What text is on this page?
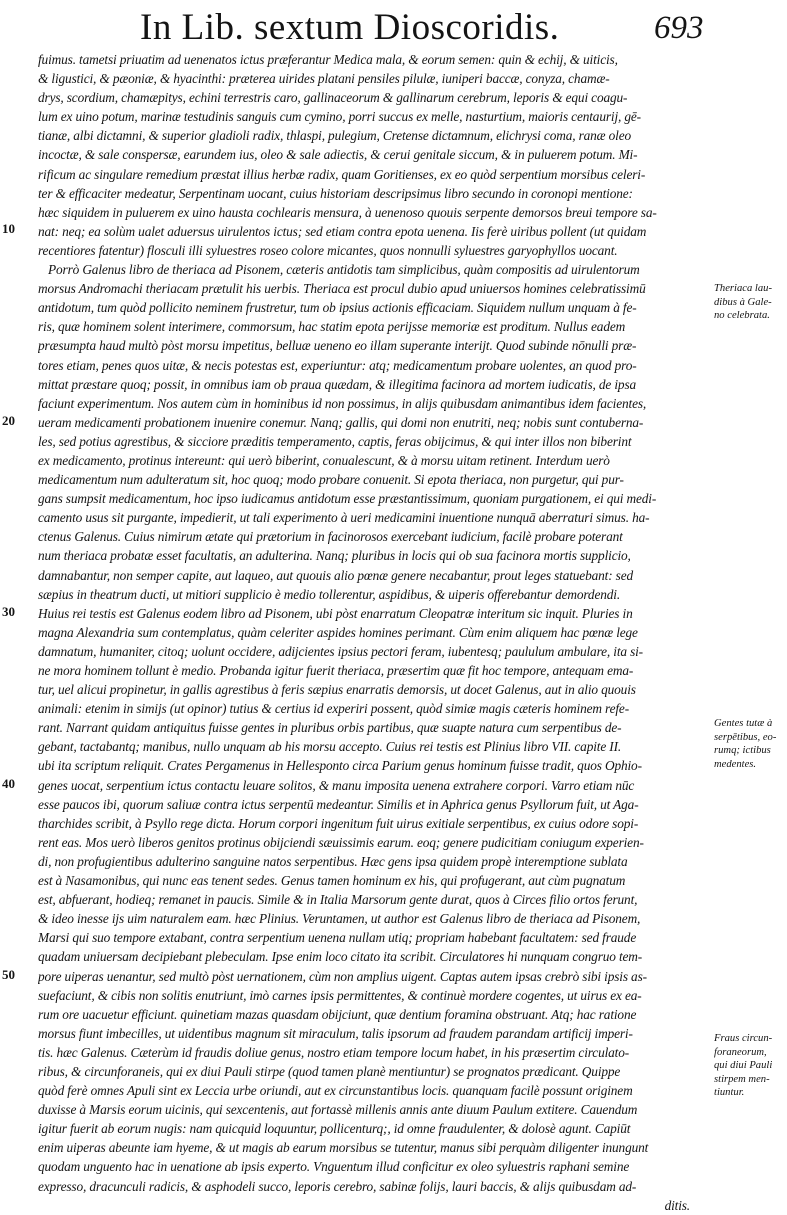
In Lib. sextum Dioscoridis.	693
10
20
30
40
50
fuimus. tametsi priuatim ad uenenatos ictus præferantur Medica mala, & eorum semen: quin & echij, & uiticis,
& ligustici, & pæoniæ, & hyacinthi: præterea uirides platani pensiles pilulæ, iuniperi baccæ, conyza, chamæ-
drys, scordium, chamæpitys, echini terrestris caro, gallinaceorum & gallinarum cerebrum, leporis & equi coagu-
lum ex uino potum, marinæ testudinis sanguis cum cymino, porri succus ex melle, nasturtium, maioris centaurij, gē-
tianæ, albi dictamni, & superior gladioli radix, thlaspi, pulegium, Cretense dictamnum, elichrysi coma, ranæ oleo
incoctæ, & sale conspersæ, earundem ius, oleo & sale adiectis, & cerui genitale siccum, & in puluerem potum. Mi-
rificum ac singulare remedium præstat illius herbæ radix, quam Goritienses, ex eo quòd serpentium morsibus celeri-
ter & efficaciter medeatur, Serpentinam uocant, cuius historiam descripsimus libro secundo in coronopi mentione:
hæc siquidem in puluerem ex uino hausta cochlearis mensura, à uenenoso quouis serpente demorsos breui tempore sa-
nat: neq; ea solùm ualet aduersus uirulentos ictus; sed etiam contra epota uenena. Iis ferè uiribus pollent (ut quidam
recentiores fatentur) flosculi illi syluestres roseo colore micantes, quos nonnulli syluestres garyophyllos uocant.
Porrò Galenus libro de theriaca ad Pisonem, cæteris antidotis tam simplicibus, quàm compositis ad uirulentorum
morsus Andromachi theriacam prætulit his uerbis. Theriaca est procul dubio apud uniuersos homines celebratissimū
antidotum, tum quòd pollicito neminem frustretur, tum ob ipsius actionis efficaciam. Siquidem nullum unquam à fe-
ris, quæ hominem solent interimere, commorsum, hac statim epota perijsse memoriæ est proditum. Nullus eadem
præsumpta haud multò pòst morsu impetitus, belluæ ueneno eo illam superante interijt. Quod subinde nōnulli præ-
tores etiam, penes quos uitæ, & necis potestas est, experiuntur: atq; medicamentum probare uolentes, an quod pro-
mittat præstare quoq; possit, in omnibus iam ob praua quædam, & illegitima facinora ad mortem iudicatis, de ipsa
faciunt experimentum. Nos autem cùm in hominibus id non possimus, in alijs quibusdam animantibus idem facientes,
ueram medicamenti probationem inuenire conemur. Nanq; gallis, qui domi non enutriti, neq; nobis sunt contuberna-
les, sed potius agrestibus, & sicciore præditis temperamento, captis, feras obijcimus, & qui inter illos non biberint
ex medicamento, protinus intereunt: qui uerò biberint, conualescunt, & à morsu uitam retinent. Interdum uerò
medicamentum num adulteratum sit, hoc quoq; modo probare conuenit. Si epota theriaca, non purgetur, qui pur-
gans sumpsit medicamentum, hoc ipso iudicamus antidotum esse præstantissimum, quoniam purgationem, ei qui medi-
camento usus sit purgante, impedierit, ut tali experimento à ueri medicamini inuentione nunquā aberraturi simus. ha-
ctenus Galenus. Cuius nimirum ætate qui prætorium in facinorosos exercebant iudicium, facilè probare poterant
num theriaca probatæ esset facultatis, an adulterina. Nanq; pluribus in locis qui ob sua facinora mortis supplicio,
damnabantur, non semper capite, aut laqueo, aut quouis alio pœnæ genere necabantur, prout leges statuebant: sed
sæpius in theatrum ducti, ut mitiori supplicio è medio tollerentur, aspidibus, & uiperis offerebantur demordendi.
Huius rei testis est Galenus eodem libro ad Pisonem, ubi pòst enarratum Cleopatræ interitum sic inquit. Pluries in
magna Alexandria sum contemplatus, quàm celeriter aspides homines perimant. Cùm enim aliquem hac pœnæ lege
damnatum, humaniter, citoq; uolunt occidere, adijcientes ipsius pectori feram, iubentesq; paululum ambulare, ita si-
ne mora hominem tollunt è medio. Probanda igitur fuerit theriaca, præsertim quæ fit hoc tempore, antequam ema-
tur, uel alicui propinetur, in gallis agrestibus à feris sæpius enarratis demorsis, ut docet Galenus, aut in alio quouis
animali: etenim in simijs (ut opinor) tutius & certius id experiri possent, quòd simiæ magis cæteris hominem refe-
rant. Narrant quidam antiquitus fuisse gentes in pluribus orbis partibus, quæ suapte natura cum serpentibus de-
gebant, tactabantq; manibus, nullo unquam ab his morsu accepto. Cuius rei testis est Plinius libro VII. capite II.
ubi ita scriptum reliquit. Crates Pergamenus in Hellesponto circa Parium genus hominum fuisse tradit, quos Ophio-
genes uocat, serpentium ictus contactu leuare solitos, & manu imposita uenena extrahere corpori. Varro etiam nūc
esse paucos ibi, quorum saliuæ contra ictus serpentū medeantur. Similis et in Aphrica genus Psyllorum fuit, ut Aga-
tharchides scribit, à Psyllo rege dicta. Horum corpori ingenitum fuit uirus exitiale serpentibus, ex cuius odore sopi-
rent eas. Mos uerò liberos genitos protinus obijciendi sæuissimis earum. eoq; genere pudicitiam coniugum experien-
di, non profugientibus adulterino sanguine natos serpentibus. Hæc gens ipsa quidem propè interemptione sublata
est à Nasamonibus, qui nunc eas tenent sedes. Genus tamen hominum ex his, qui profugerant, aut cùm pugnatum
est, abfuerant, hodieq; remanet in paucis. Simile & in Italia Marsorum gente durat, quos à Circes filio ortos ferunt,
& ideo inesse ijs uim naturalem eam. hæc Plinius. Veruntamen, ut author est Galenus libro de theriaca ad Pisonem,
Marsi qui suo tempore extabant, contra serpentium uenena nullam utiq; propriam habebant facultatem: sed fraude
quadam uniuersam decipiebant plebeculam. Ipse enim loco citato ita scribit. Circulatores hi nunquam congruo tem-
pore uiperas uenantur, sed multò pòst uernationem, cùm non amplius uigent. Captas autem ipsas crebrò sibi ipsis as-
suefaciunt, & cibis non solitis enutriunt, imò carnes ipsis permittentes, & continuè mordere cogentes, ut uirus ex ea-
rum ore uacuetur efficiunt. quinetiam mazas quasdam obijciunt, quæ dentium foramina obstruant. Atq; hac ratione
morsus fiunt imbecilles, ut uidentibus magnum sit miraculum, talis ipsorum ad fraudem parandam artificij imperi-
tis. hæc Galenus. Cæterùm id fraudis doliue genus, nostro etiam tempore locum habet, in his præsertim circulato-
ribus, & circunforaneis, qui ex diui Pauli stirpe (quod tamen planè mentiuntur) se prognatos prædicant. Quippe
quòd ferè omnes Apuli sint ex Leccia urbe oriundi, aut ex circunstantibus locis. quanquam facilè possunt originem
duxisse à Marsis eorum uicinis, qui sexcentenis, aut fortassè millenis annis ante diuum Paulum extitere. Cauendum
igitur fuerit ab eorum nugis: nam quicquid loquuntur, pollicenturq;, id omne fraudulenter, & dolosè agunt. Capiūt
enim uiperas abeunte iam hyeme, & ut magis ab earum morsibus se tutentur, manus sibi perquàm diligenter inungunt
quodam unguento hac in uenatione ab ipsis experto. Vnguentum illud conficitur ex oleo syluestris raphani semine
expresso, dracunculi radicis, & asphodeli succo, leporis cerebro, sabinæ folijs, lauri baccis, & alijs quibusdam ad-
ditis.
Theriaca lau-
dibus à Gale-
no celebrata.
Gentes tutæ à
serpētibus, eo-
rumq; ictibus
medentes.
Fraus circun-
foraneorum,
qui diui Pauli
stirpem men-
tiuntur.
